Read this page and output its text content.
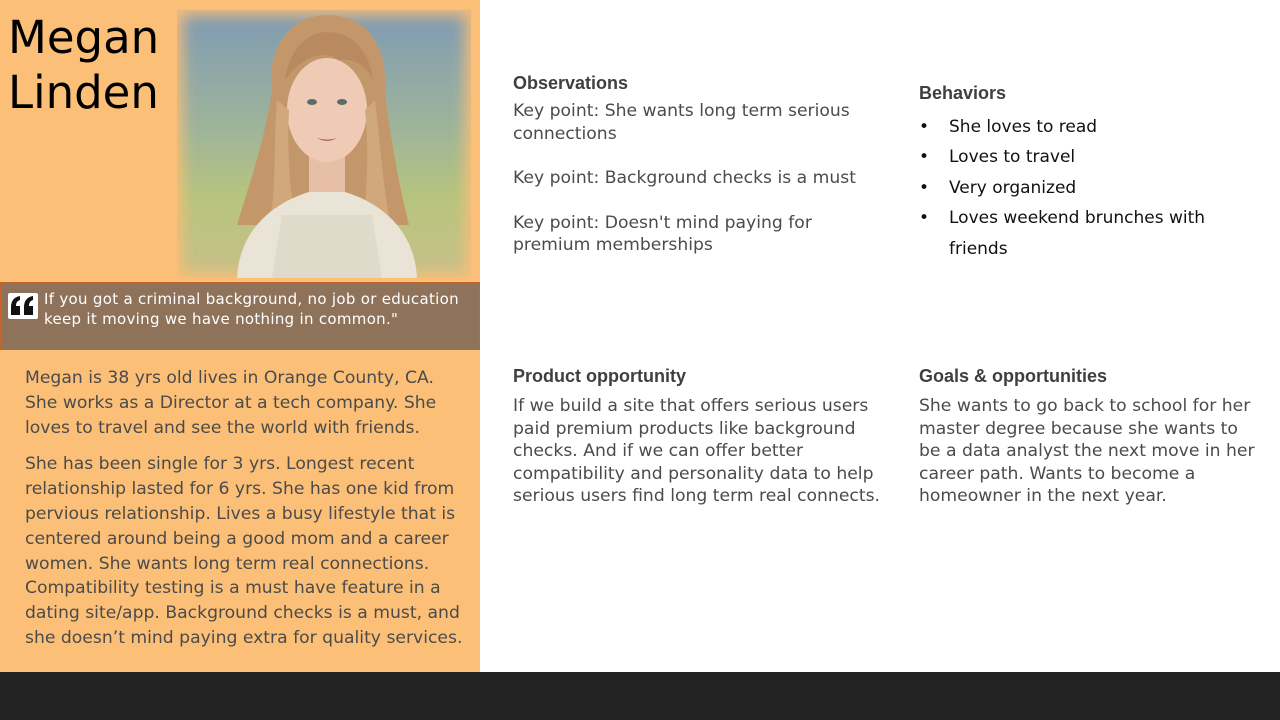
Megan
Linden
If you got a criminal background, no job or education keep it moving we have nothing in common."

Megan is 38 yrs old lives in Orange County, CA. She works as a Director at a tech company. She loves to travel and see the world with friends.

She has been single for 3 yrs. Longest recent relationship lasted for 6 yrs. She has one kid from pervious relationship. Lives a busy lifestyle that is centered around being a good mom and a career women. She wants long term real connections. Compatibility testing is a must have feature in a dating site/app. Background checks is a must, and she doesn’t mind paying extra for quality services.

Observations

Key point: She wants long term serious connections

Key point: Background checks is a must

Key point: Doesn't mind paying for premium memberships

Behaviors
• She loves to read
• Loves to travel
• Very organized
• Loves weekend brunches with friends
Product opportunity
If we build a site that offers serious users paid premium products like background checks. And if we can offer better compatibility and personality data to help serious users find long term real connects.
Goals & opportunities
She wants to go back to school for her master degree because she wants to be a data analyst the next move in her career path. Wants to become a homeowner in the next year.
